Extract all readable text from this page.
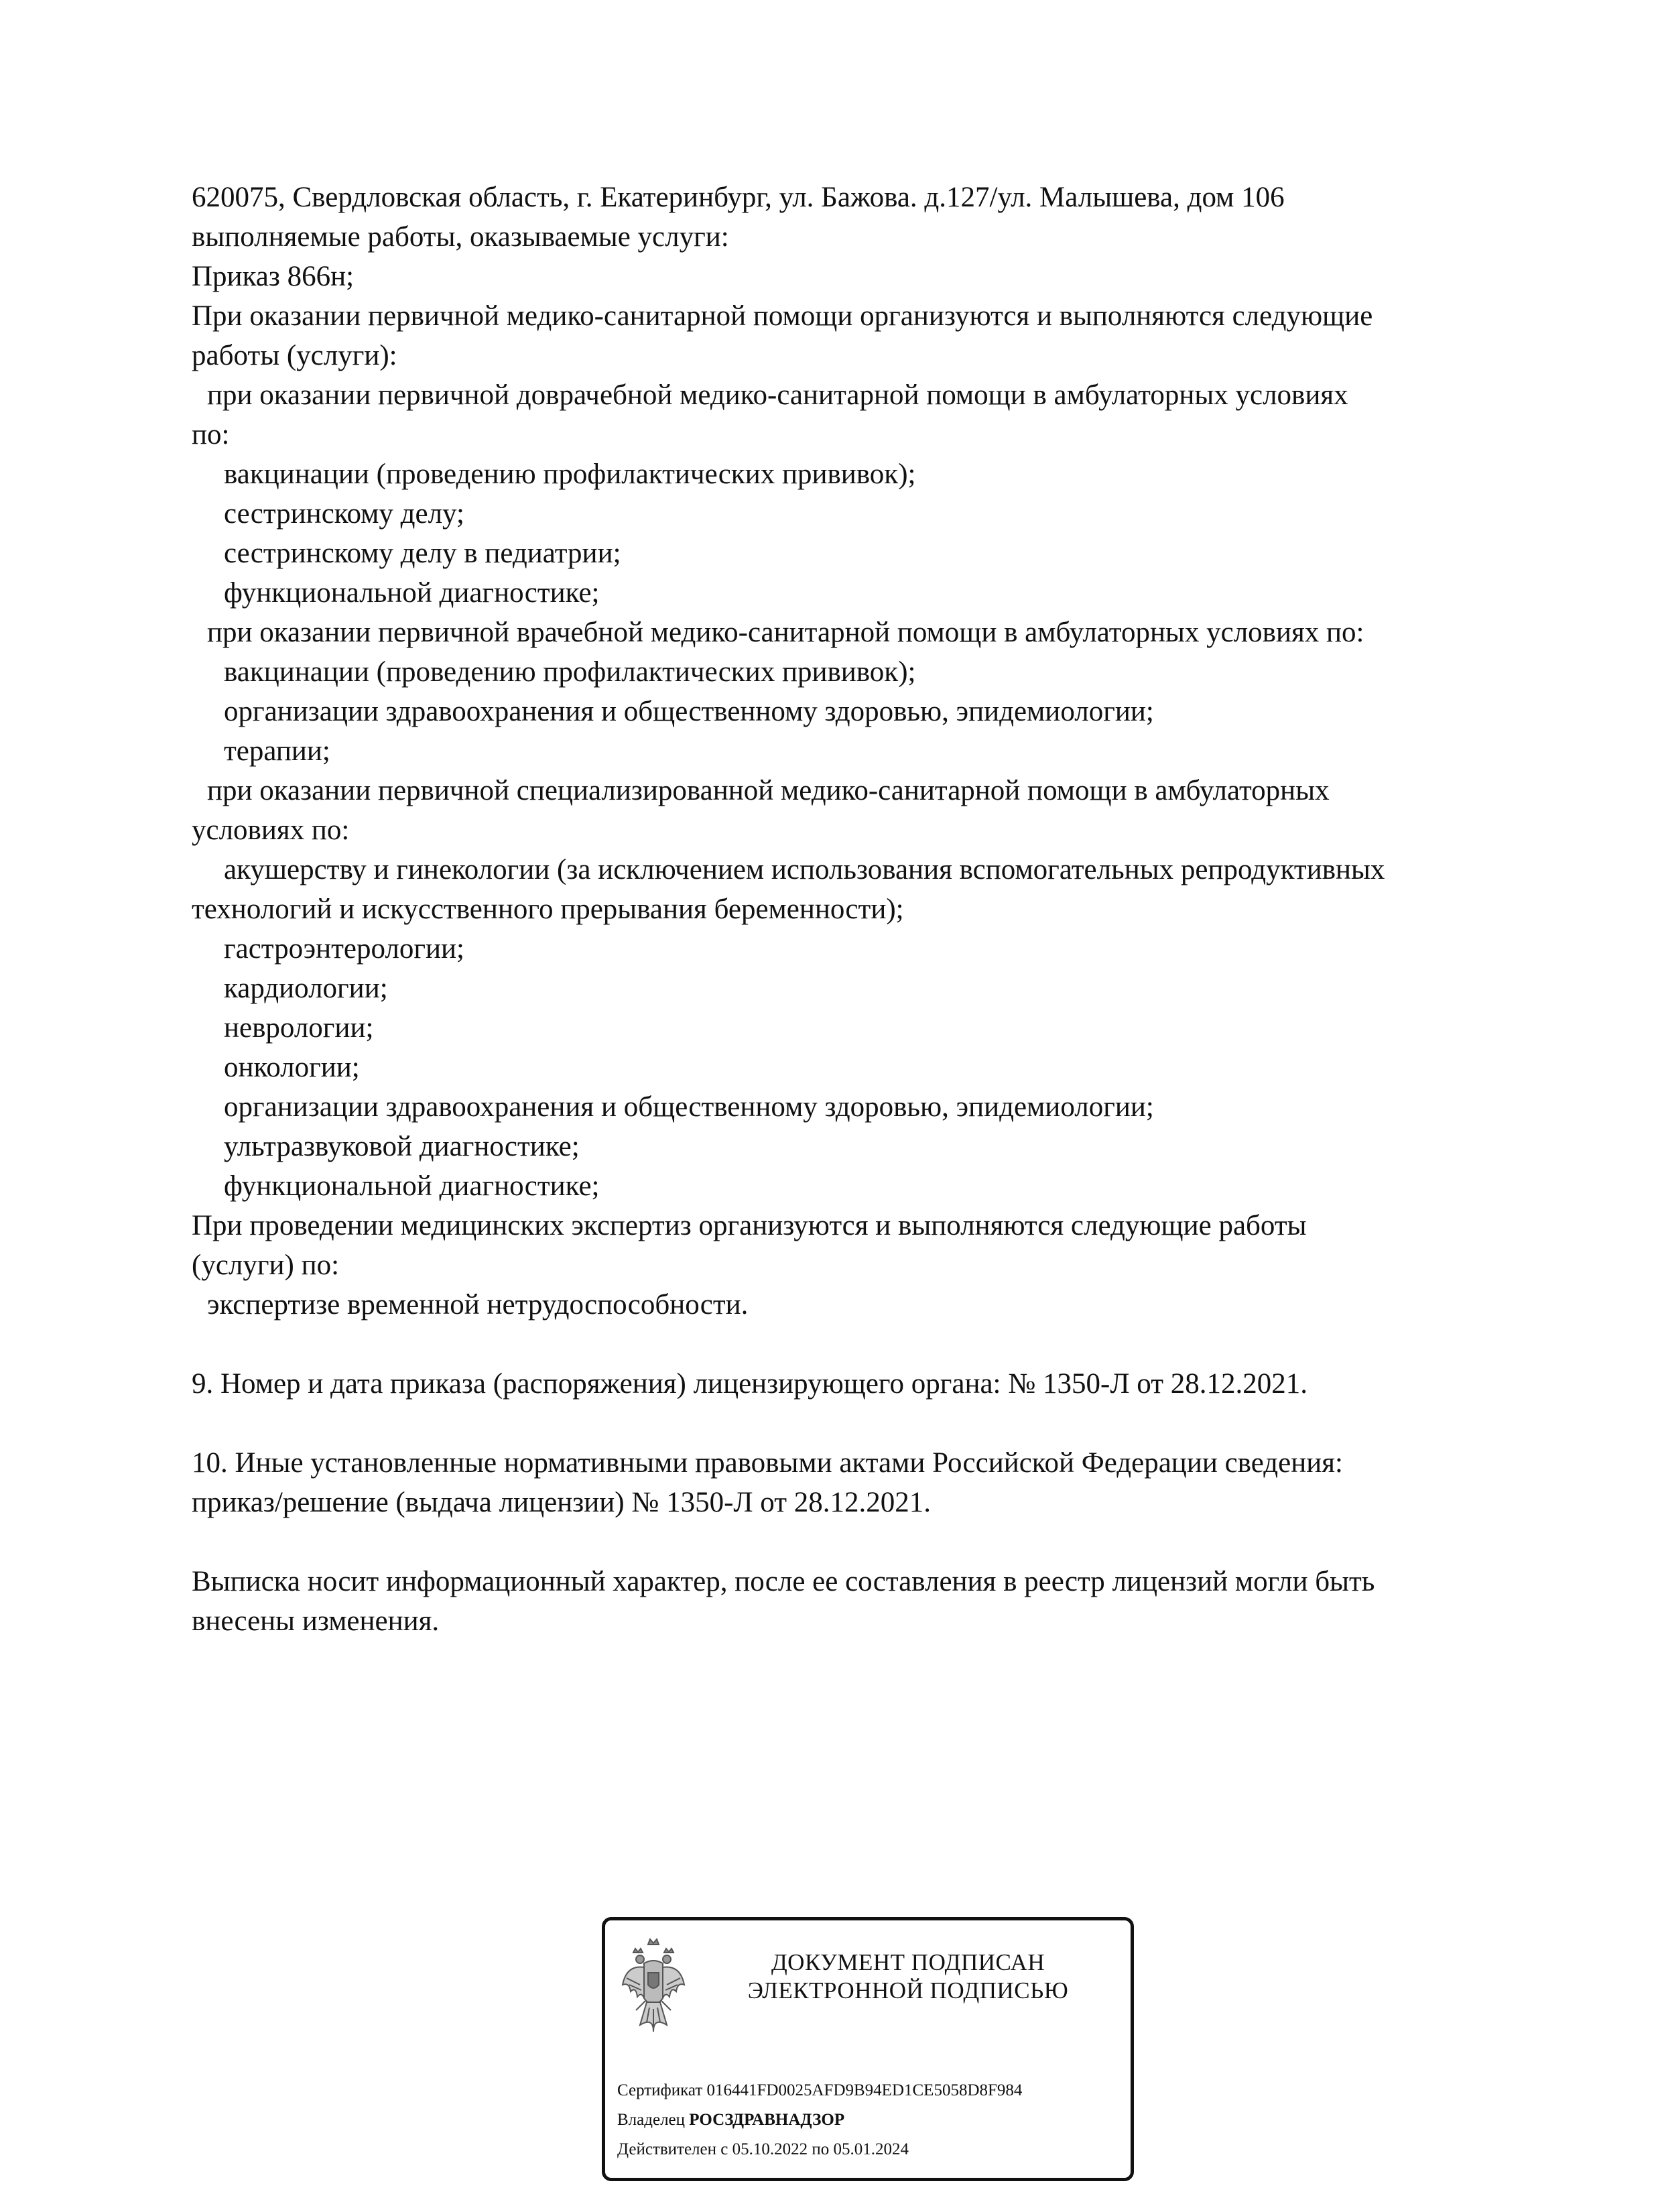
620075, Свердловская область, г. Екатеринбург, ул. Бажова. д.127/ул. Малышева, дом 106

выполняемые работы, оказываемые услуги:

Приказ 866н;

При оказании первичной медико-санитарной помощи организуются и выполняются следующие

работы (услуги):

при оказании первичной доврачебной медико-санитарной помощи в амбулаторных условиях

по:

вакцинации (проведению профилактических прививок);

сестринскому делу;

сестринскому делу в педиатрии;

функциональной диагностике;

при оказании первичной врачебной медико-санитарной помощи в амбулаторных условиях по:

вакцинации (проведению профилактических прививок);

организации здравоохранения и общественному здоровью, эпидемиологии;

терапии;

при оказании первичной специализированной медико-санитарной помощи в амбулаторных

условиях по:

акушерству и гинекологии (за исключением использования вспомогательных репродуктивных

технологий и искусственного прерывания беременности);

гастроэнтерологии;

кардиологии;

неврологии;

онкологии;

организации здравоохранения и общественному здоровью, эпидемиологии;

ультразвуковой диагностике;

функциональной диагностике;

При проведении медицинских экспертиз организуются и выполняются следующие работы

(услуги) по:

экспертизе временной нетрудоспособности.

9. Номер и дата приказа (распоряжения) лицензирующего органа: № 1350-Л от 28.12.2021.

10. Иные установленные нормативными правовыми актами Российской Федерации сведения:

приказ/решение (выдача лицензии) № 1350-Л от 28.12.2021.

Выписка носит информационный характер, после ее составления в реестр лицензий могли быть

внесены изменения.

ДОКУМЕНТ ПОДПИСАН
ЭЛЕКТРОННОЙ ПОДПИСЬЮ
Сертификат 016441FD0025AFD9B94ED1CE5058D8F984
Владелец РОСЗДРАВНАДЗОР
Действителен с 05.10.2022 по 05.01.2024
